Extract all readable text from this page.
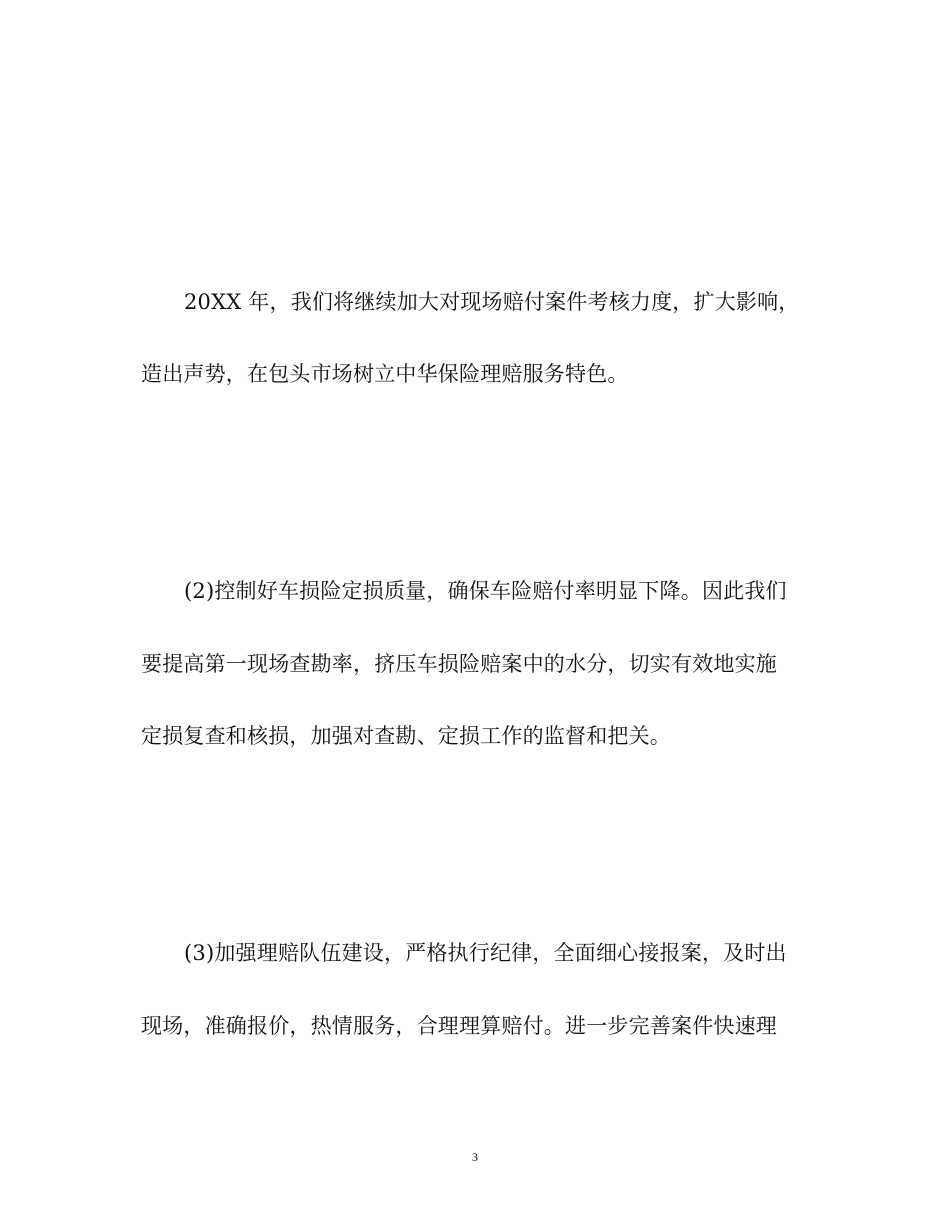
20XX 年，我们将继续加大对现场赔付案件考核力度，扩大影响，
造出声势，在包头市场树立中华保险理赔服务特色。
(2)控制好车损险定损质量，确保车险赔付率明显下降。因此我们
要提高第一现场查勘率，挤压车损险赔案中的水分，切实有效地实施
定损复查和核损，加强对查勘、定损工作的监督和把关。
(3)加强理赔队伍建设，严格执行纪律，全面细心接报案，及时出
现场，准确报价，热情服务，合理理算赔付。进一步完善案件快速理
3
